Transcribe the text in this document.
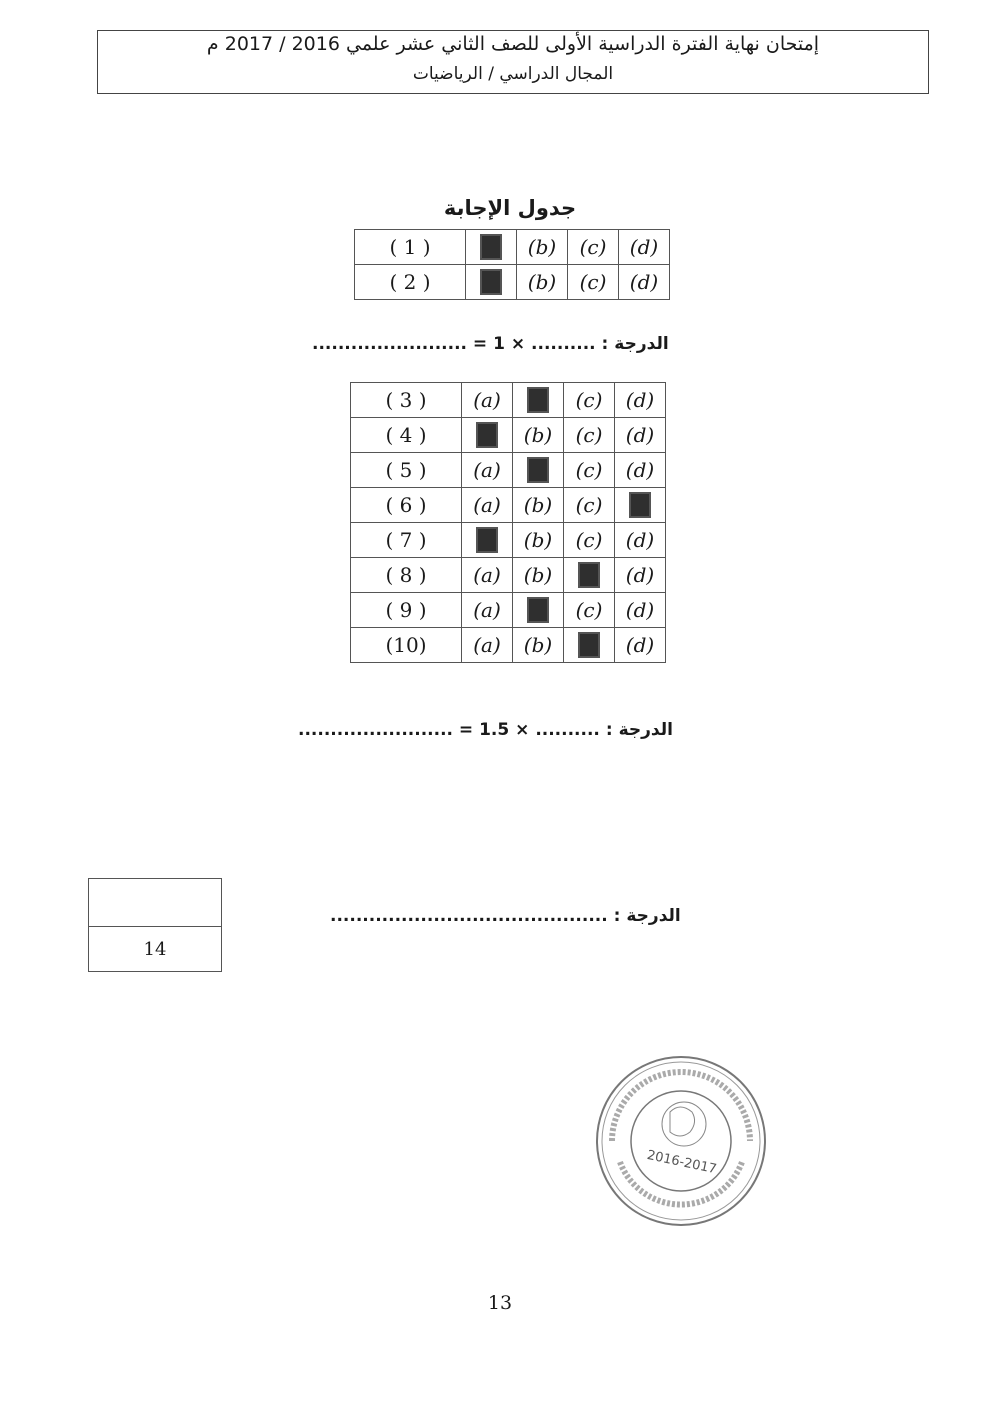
إمتحان نهاية الفترة الدراسية الأولى للصف الثاني عشر علمي 2016 / 2017 م
المجال الدراسي / الرياضيات
جدول الإجابة
( 1 )		(b)	(c)	(d)
( 2 )		(b)	(c)	(d)
الدرجة : .......... × 1 = ........................
( 3 )	(a)		(c)	(d)
( 4 )		(b)	(c)	(d)
( 5 )	(a)		(c)	(d)
( 6 )	(a)	(b)	(c)	
( 7 )		(b)	(c)	(d)
( 8 )	(a)	(b)		(d)
( 9 )	(a)		(c)	(d)
(10)	(a)	(b)		(d)
الدرجة : .......... × 1.5 = ........................
14
الدرجة : ...........................................
2016-2017
13
